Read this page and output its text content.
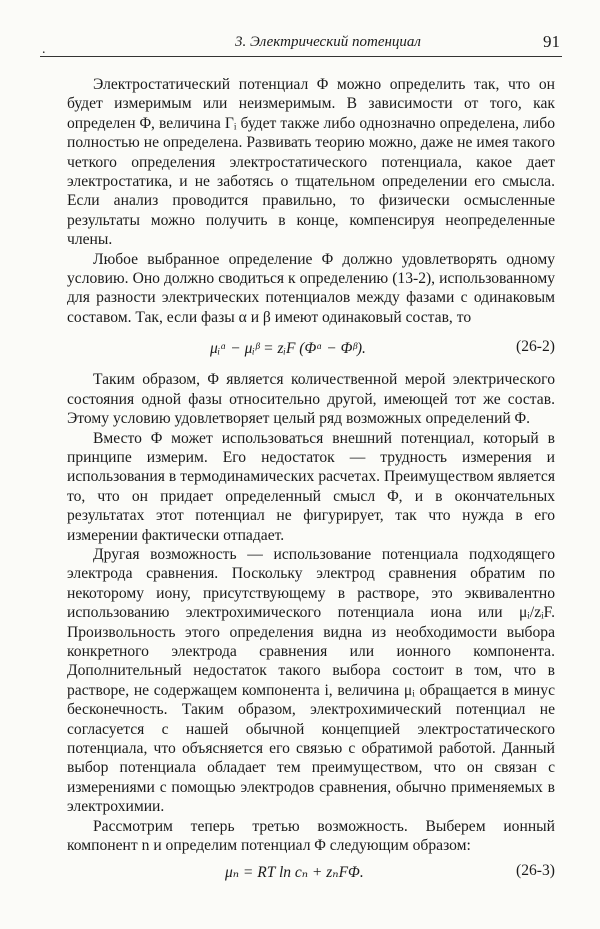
.	3. Электрический потенциал	91

Электростатический потенциал Φ можно определить так, что он будет измеримым или неизмеримым. В зависимости от того, как определен Φ, величина Γᵢ будет также либо однозначно определена, либо полностью не определена. Развивать теорию можно, даже не имея такого четкого определения электростатического потенциала, какое дает электростатика, и не заботясь о тщательном определении его смысла. Если анализ проводится правильно, то физически осмысленные результаты можно получить в конце, компенсируя неопределенные члены.

Любое выбранное определение Φ должно удовлетворять одному условию. Оно должно сводиться к определению (13-2), использованному для разности электрических потенциалов между фазами с одинаковым составом. Так, если фазы α и β имеют одинаковый состав, то

μᵢᵅ − μᵢᵝ = zᵢF (Φᵅ − Φᵝ).	(26-2)

Таким образом, Φ является количественной мерой электрического состояния одной фазы относительно другой, имеющей тот же состав. Этому условию удовлетворяет целый ряд возможных определений Φ.

Вместо Φ может использоваться внешний потенциал, который в принципе измерим. Его недостаток — трудность измерения и использования в термодинамических расчетах. Преимуществом является то, что он придает определенный смысл Φ, и в окончательных результатах этот потенциал не фигурирует, так что нужда в его измерении фактически отпадает.

Другая возможность — использование потенциала подходящего электрода сравнения. Поскольку электрод сравнения обратим по некоторому иону, присутствующему в растворе, это эквивалентно использованию электрохимического потенциала иона или μᵢ/zᵢF. Произвольность этого определения видна из необходимости выбора конкретного электрода сравнения или ионного компонента. Дополнительный недостаток такого выбора состоит в том, что в растворе, не содержащем компонента i, величина μᵢ обращается в минус бесконечность. Таким образом, электрохимический потенциал не согласуется с нашей обычной концепцией электростатического потенциала, что объясняется его связью с обратимой работой. Данный выбор потенциала обладает тем преимуществом, что он связан с измерениями с помощью электродов сравнения, обычно применяемых в электрохимии.

Рассмотрим теперь третью возможность. Выберем ионный компонент n и определим потенциал Φ следующим образом:

μₙ = RT ln cₙ + zₙFΦ.	(26-3)
